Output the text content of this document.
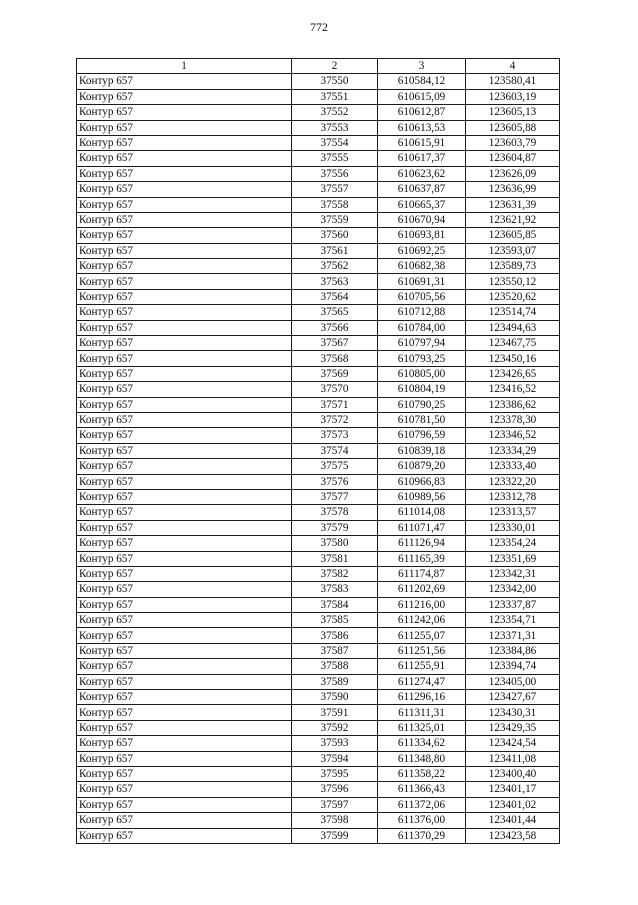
772
1	2	3	4
Контур 657	37550	610584,12	123580,41
Контур 657	37551	610615,09	123603,19
Контур 657	37552	610612,87	123605,13
Контур 657	37553	610613,53	123605,88
Контур 657	37554	610615,91	123603,79
Контур 657	37555	610617,37	123604,87
Контур 657	37556	610623,62	123626,09
Контур 657	37557	610637,87	123636,99
Контур 657	37558	610665,37	123631,39
Контур 657	37559	610670,94	123621,92
Контур 657	37560	610693,81	123605,85
Контур 657	37561	610692,25	123593,07
Контур 657	37562	610682,38	123589,73
Контур 657	37563	610691,31	123550,12
Контур 657	37564	610705,56	123520,62
Контур 657	37565	610712,88	123514,74
Контур 657	37566	610784,00	123494,63
Контур 657	37567	610797,94	123467,75
Контур 657	37568	610793,25	123450,16
Контур 657	37569	610805,00	123426,65
Контур 657	37570	610804,19	123416,52
Контур 657	37571	610790,25	123386,62
Контур 657	37572	610781,50	123378,30
Контур 657	37573	610796,59	123346,52
Контур 657	37574	610839,18	123334,29
Контур 657	37575	610879,20	123333,40
Контур 657	37576	610966,83	123322,20
Контур 657	37577	610989,56	123312,78
Контур 657	37578	611014,08	123313,57
Контур 657	37579	611071,47	123330,01
Контур 657	37580	611126,94	123354,24
Контур 657	37581	611165,39	123351,69
Контур 657	37582	611174,87	123342,31
Контур 657	37583	611202,69	123342,00
Контур 657	37584	611216,00	123337,87
Контур 657	37585	611242,06	123354,71
Контур 657	37586	611255,07	123371,31
Контур 657	37587	611251,56	123384,86
Контур 657	37588	611255,91	123394,74
Контур 657	37589	611274,47	123405,00
Контур 657	37590	611296,16	123427,67
Контур 657	37591	611311,31	123430,31
Контур 657	37592	611325,01	123429,35
Контур 657	37593	611334,62	123424,54
Контур 657	37594	611348,80	123411,08
Контур 657	37595	611358,22	123400,40
Контур 657	37596	611366,43	123401,17
Контур 657	37597	611372,06	123401,02
Контур 657	37598	611376,00	123401,44
Контур 657	37599	611370,29	123423,58
